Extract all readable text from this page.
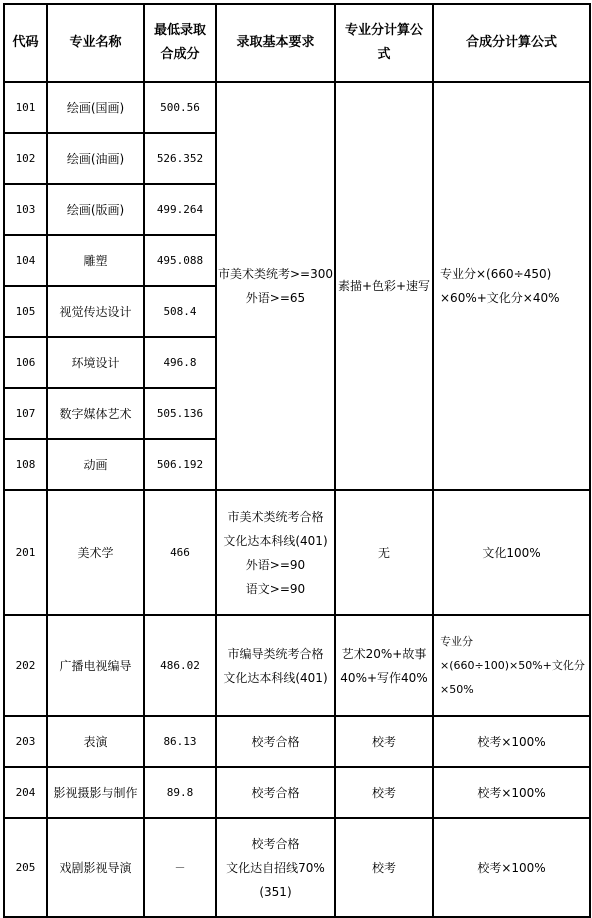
代码	专业名称	最低录取合成分	录取基本要求	专业分计算公式	合成分计算公式
101	绘画(国画)	500.56	市美术类统考>=300
外语>=65	素描+色彩+速写	专业分×(660÷450)
×60%+文化分×40%

102	绘画(油画)	526.352			
103	绘画(版画)	499.264			
104	雕塑	495.088			
105	视觉传达设计	508.4			
106	环境设计	496.8			
107	数字媒体艺术	505.136			
108	动画	506.192			
201	美术学	466	市美术类统考合格
文化达本科线(401)
外语>=90
语文>=90	无	文化100%
202	广播电视编导	486.02	市编导类统考合格
文化达本科线(401)	艺术20%+故事
40%+写作40%	专业分
×(660÷100)×50%+文化分
×50%

203	表演	86.13	校考合格	校考	校考×100%
204	影视摄影与制作	89.8	校考合格	校考	校考×100%
205	戏剧影视导演	－	校考合格
文化达自招线70%
(351)	校考	校考×100%
